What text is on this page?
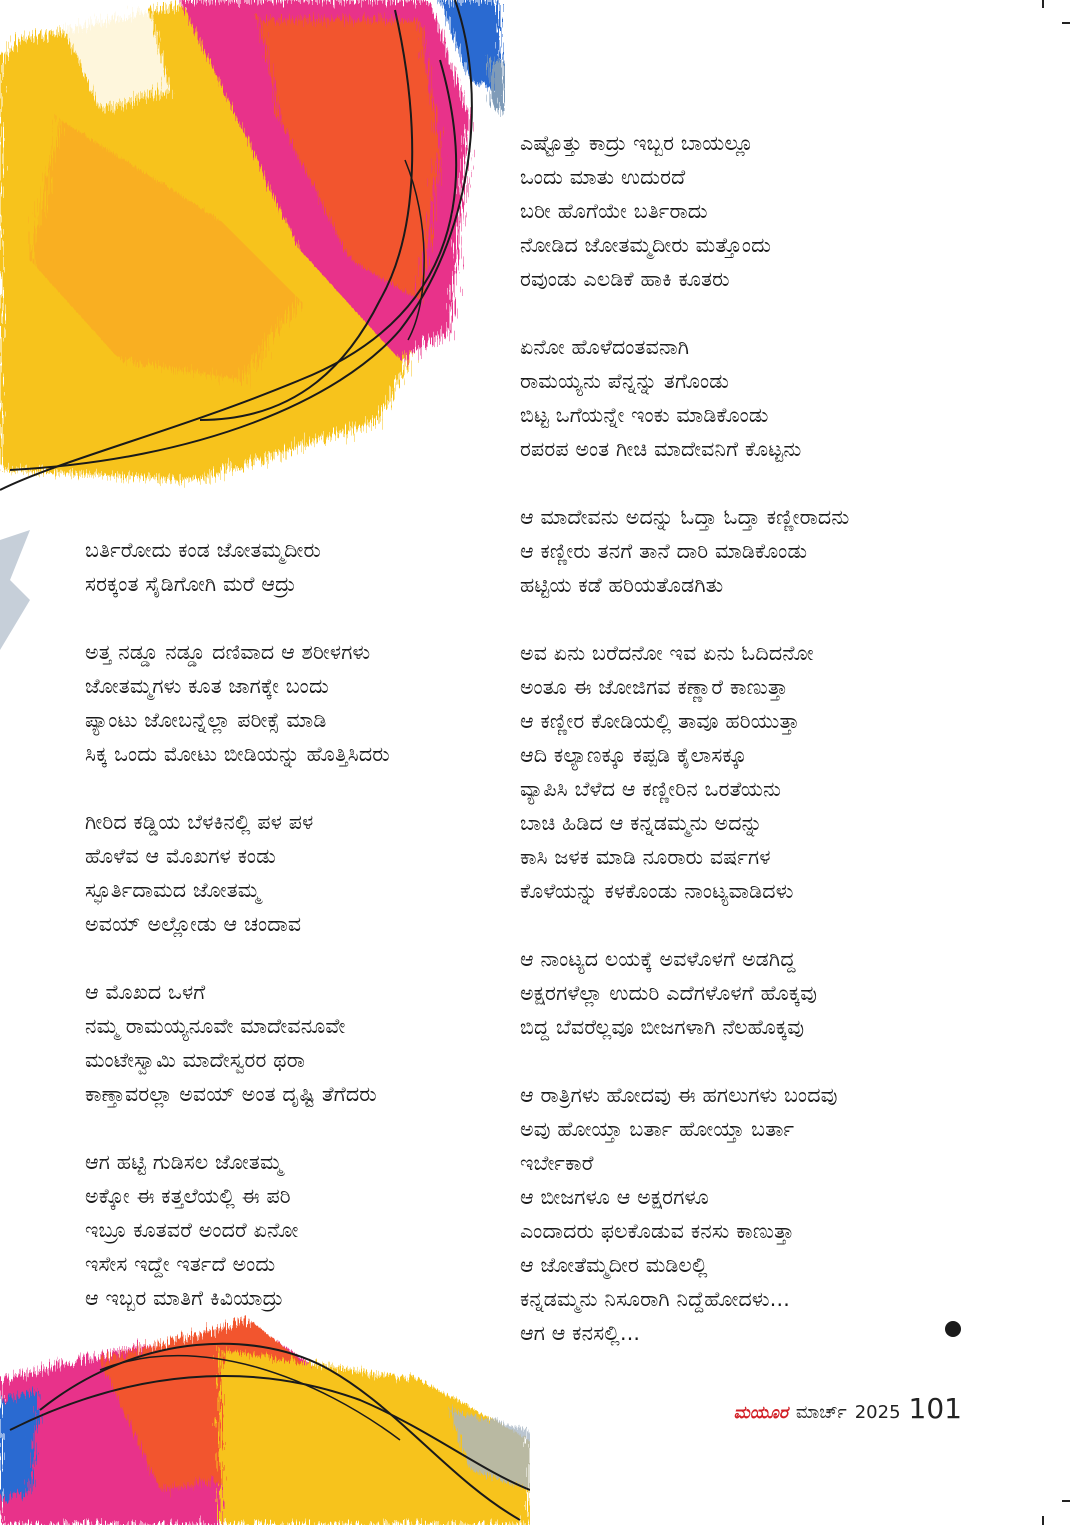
ಬರ್ತಿರೋದು ಕಂಡ ಜೋತಮ್ಮದೀರು
ಸರಕ್ಕಂತ ಸೈಡಿಗೋಗಿ ಮರೆ ಆದ್ರು
ಅತ್ತ ನಡ್ಡೂ ನಡ್ಡೂ ದಣಿವಾದ ಆ ಶರೀಳಗಳು
ಜೋತಮ್ಮಗಳು ಕೂತ ಜಾಗಕ್ಕೇ ಬಂದು
ಪ್ಯಾಂಟು ಜೋಬನ್ನೆಲ್ಲಾ ಪರೀಕ್ಸೆ ಮಾಡಿ
ಸಿಕ್ಕ ಒಂದು ಮೋಟು ಬೀಡಿಯನ್ನು ಹೊತ್ತಿಸಿದರು
ಗೀರಿದ ಕಡ್ಡಿಯ ಬೆಳಕಿನಲ್ಲಿ ಪಳ ಪಳ
ಹೊಳೆವ ಆ ಮೊಖಗಳ ಕಂಡು
ಸ್ಫೂರ್ತಿದಾಮದ ಜೋತಮ್ಮ
ಅವಯ್ ಅಲ್ಲೋಡು ಆ ಚಂದಾವ
ಆ ಮೊಖದ ಒಳಗೆ
ನಮ್ಮ ರಾಮಯ್ಯನೂವೇ ಮಾದೇವನೂವೇ
ಮಂಟೇಸ್ವಾಮಿ ಮಾದೇಸ್ವರರ ಥರಾ
ಕಾಣ್ತಾವರಲ್ಲಾ ಅವಯ್ ಅಂತ ದೃಷ್ಟಿ ತೆಗೆದರು
ಆಗ ಹಟ್ಟಿ ಗುಡಿಸಲ ಜೋತಮ್ಮ
ಅಕ್ಕೋ ಈ ಕತ್ತಲೆಯಲ್ಲಿ ಈ ಪರಿ
ಇಬ್ರೂ ಕೂತವರೆ ಅಂದರೆ ಏನೋ
ಇಸೇಸ ಇದ್ದೇ ಇರ್ತದೆ ಅಂದು
ಆ ಇಬ್ಬರ ಮಾತಿಗೆ ಕಿವಿಯಾದ್ರು
ಎಷ್ಟೊತ್ತು ಕಾದ್ರು ಇಬ್ಬರ ಬಾಯಲ್ಲೂ
ಒಂದು ಮಾತು ಉದುರದೆ
ಬರೀ ಹೊಗೆಯೇ ಬರ್ತಿರಾದು
ನೋಡಿದ ಜೋತಮ್ಮದೀರು ಮತ್ತೊಂದು
ರವುಂಡು ಎಲಡಿಕೆ ಹಾಕಿ ಕೂತರು
ಏನೋ ಹೊಳೆದಂತವನಾಗಿ
ರಾಮಯ್ಯನು ಪೆನ್ನನ್ನು ತಗೊಂಡು
ಬಿಟ್ಟ ಒಗೆಯನ್ನೇ ಇಂಕು ಮಾಡಿಕೊಂಡು
ರಪರಪ ಅಂತ ಗೀಚಿ ಮಾದೇವನಿಗೆ ಕೊಟ್ಟನು
ಆ ಮಾದೇವನು ಅದನ್ನು ಓದ್ತಾ ಓದ್ತಾ ಕಣ್ಣೀರಾದನು
ಆ ಕಣ್ಣೀರು ತನಗೆ ತಾನೆ ದಾರಿ ಮಾಡಿಕೊಂಡು
ಹಟ್ಟಿಯ ಕಡೆ ಹರಿಯತೊಡಗಿತು
ಅವ ಏನು ಬರೆದನೋ ಇವ ಏನು ಓದಿದನೋ
ಅಂತೂ ಈ ಜೋಜಿಗವ ಕಣ್ಣಾರೆ ಕಾಣುತ್ತಾ
ಆ ಕಣ್ಣೀರ ಕೋಡಿಯಲ್ಲಿ ತಾವೂ ಹರಿಯುತ್ತಾ
ಆದಿ ಕಲ್ಯಾಣಕ್ಕೂ ಕಪ್ಪಡಿ ಕೈಲಾಸಕ್ಕೂ
ವ್ಯಾಪಿಸಿ ಬೆಳೆದ ಆ ಕಣ್ಣೀರಿನ ಒರತೆಯನು
ಬಾಚಿ ಹಿಡಿದ ಆ ಕನ್ನಡಮ್ಮನು ಅದನ್ನು
ಕಾಸಿ ಜಳಕ ಮಾಡಿ ನೂರಾರು ವರ್ಷಗಳ
ಕೊಳೆಯನ್ನು ಕಳಕೊಂಡು ನಾಂಟ್ಯವಾಡಿದಳು
ಆ ನಾಂಟ್ಯದ ಲಯಕ್ಕೆ ಅವಳೊಳಗೆ ಅಡಗಿದ್ದ
ಅಕ್ಷರಗಳೆಲ್ಲಾ ಉದುರಿ ಎದೆಗಳೊಳಗೆ ಹೊಕ್ಕವು
ಬಿದ್ದ ಬೆವರೆಲ್ಲವೂ ಬೀಜಗಳಾಗಿ ನೆಲಹೊಕ್ಕವು
ಆ ರಾತ್ರಿಗಳು ಹೋದವು ಈ ಹಗಲುಗಳು ಬಂದವು
ಅವು ಹೋಯ್ತಾ ಬರ್ತಾ ಹೋಯ್ತಾ ಬರ್ತಾ
ಇರ್ಬೇಕಾರೆ
ಆ ಬೀಜಗಳೂ ಆ ಅಕ್ಷರಗಳೂ
ಎಂದಾದರು ಫಲಕೊಡುವ ಕನಸು ಕಾಣುತ್ತಾ
ಆ ಜೋತೆಮ್ಮದೀರ ಮಡಿಲಲ್ಲಿ
ಕನ್ನಡಮ್ಮನು ನಿಸೂರಾಗಿ ನಿದ್ದೆಹೋದಳು...
ಆಗ ಆ ಕನಸಲ್ಲಿ...
ಮಯೂರ ಮಾರ್ಚ್ 2025 101
